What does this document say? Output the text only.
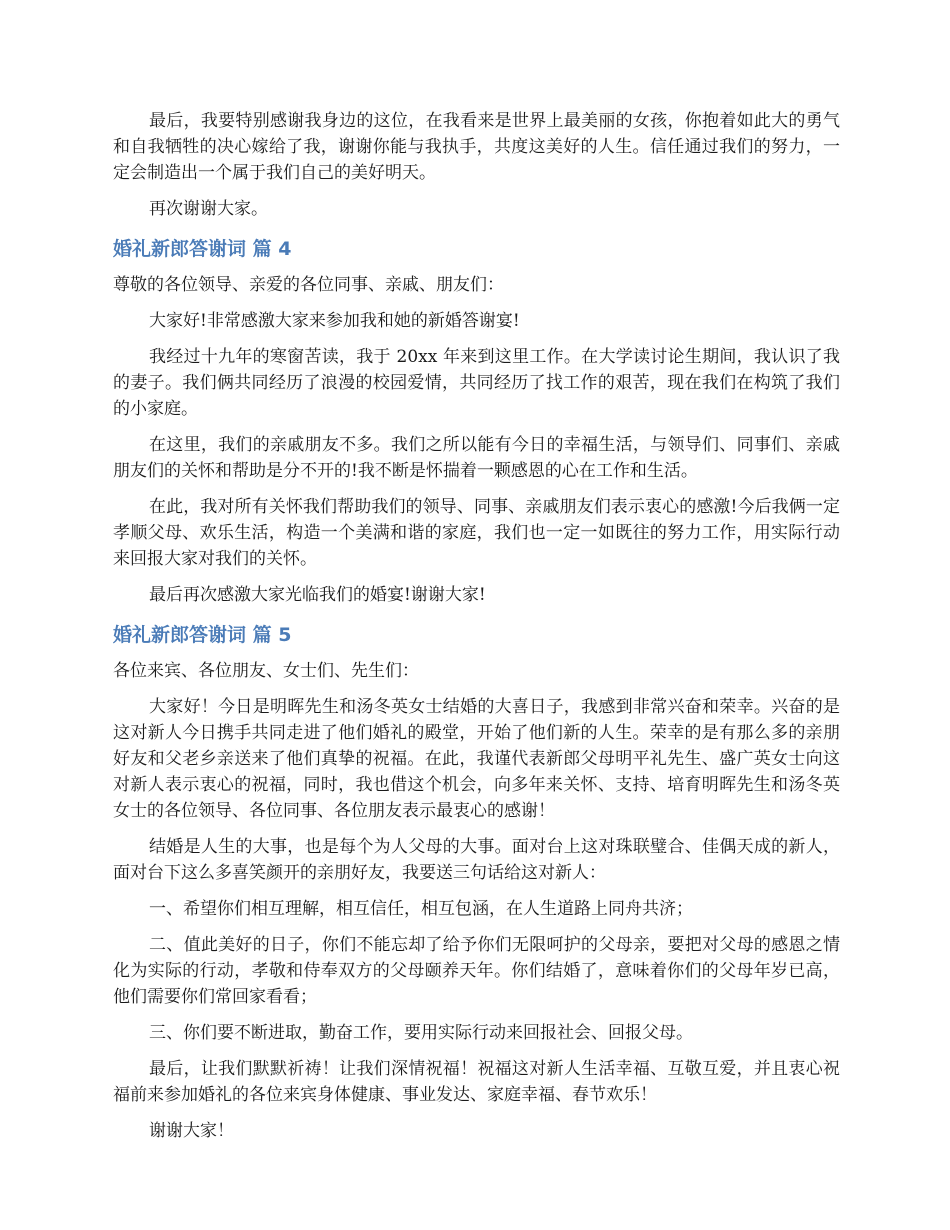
最后，我要特别感谢我身边的这位，在我看来是世界上最美丽的女孩，你抱着如此大的勇气和自我牺牲的决心嫁给了我，谢谢你能与我执手，共度这美好的人生。信任通过我们的努力，一定会制造出一个属于我们自己的美好明天。

再次谢谢大家。

婚礼新郎答谢词 篇 4

尊敬的各位领导、亲爱的各位同事、亲戚、朋友们：

大家好!非常感激大家来参加我和她的新婚答谢宴!

我经过十九年的寒窗苦读，我于 20xx 年来到这里工作。在大学读讨论生期间，我认识了我的妻子。我们俩共同经历了浪漫的校园爱情，共同经历了找工作的艰苦，现在我们在构筑了我们的小家庭。

在这里，我们的亲戚朋友不多。我们之所以能有今日的幸福生活，与领导们、同事们、亲戚朋友们的关怀和帮助是分不开的!我不断是怀揣着一颗感恩的心在工作和生活。

在此，我对所有关怀我们帮助我们的领导、同事、亲戚朋友们表示衷心的感激!今后我俩一定孝顺父母、欢乐生活，构造一个美满和谐的家庭，我们也一定一如既往的努力工作，用实际行动来回报大家对我们的关怀。

最后再次感激大家光临我们的婚宴!谢谢大家!

婚礼新郎答谢词 篇 5

各位来宾、各位朋友、女士们、先生们：

大家好！今日是明晖先生和汤冬英女士结婚的大喜日子，我感到非常兴奋和荣幸。兴奋的是这对新人今日携手共同走进了他们婚礼的殿堂，开始了他们新的人生。荣幸的是有那么多的亲朋好友和父老乡亲送来了他们真挚的祝福。在此，我谨代表新郎父母明平礼先生、盛广英女士向这对新人表示衷心的祝福，同时，我也借这个机会，向多年来关怀、支持、培育明晖先生和汤冬英女士的各位领导、各位同事、各位朋友表示最衷心的感谢！

结婚是人生的大事，也是每个为人父母的大事。面对台上这对珠联璧合、佳偶天成的新人，面对台下这么多喜笑颜开的亲朋好友，我要送三句话给这对新人：

一、希望你们相互理解，相互信任，相互包涵，在人生道路上同舟共济；

二、值此美好的日子，你们不能忘却了给予你们无限呵护的父母亲，要把对父母的感恩之情化为实际的行动，孝敬和侍奉双方的父母颐养天年。你们结婚了，意味着你们的父母年岁已高，他们需要你们常回家看看；

三、你们要不断进取，勤奋工作，要用实际行动来回报社会、回报父母。

最后，让我们默默祈祷！让我们深情祝福！祝福这对新人生活幸福、互敬互爱，并且衷心祝福前来参加婚礼的各位来宾身体健康、事业发达、家庭幸福、春节欢乐！

谢谢大家！
